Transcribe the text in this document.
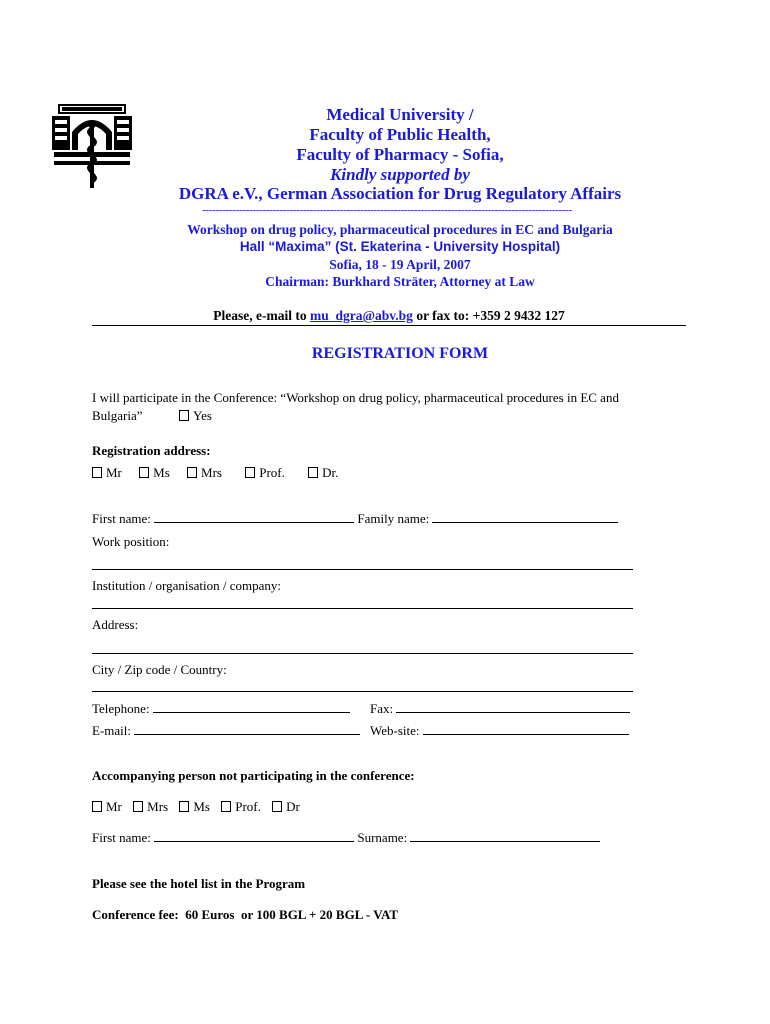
Medical University /
Faculty of Public Health,
Faculty of Pharmacy - Sofia,
Kindly supported by
DGRA e.V., German Association for Drug Regulatory Affairs
--------------------------------------------------------------------------------------------------------------
Workshop on drug policy, pharmaceutical procedures in EC and Bulgaria
Hall “Maxima” (St. Ekaterina - University Hospital)
Sofia, 18 - 19 April, 2007
Chairman: Burkhard Sträter, Attorney at Law
Please, e-mail to mu_dgra@abv.bg or fax to: +359 2 9432 127
REGISTRATION FORM
I will participate in the Conference: “Workshop on drug policy, pharmaceutical procedures in EC and
Bulgaria”	Yes
Registration address:
Mr Ms Mrs	Prof.	Dr.
First name:	Family name:
Work position:
Institution / organisation / company:
Address:
City / Zip code / Country:
Telephone:	Fax:
E-mail:	Web-site:
Accompanying person not participating in the conference:
Mr Mrs Ms Prof. Dr
First name:	Surname:
Please see the hotel list in the Program
Conference fee:  60 Euros  or 100 BGL + 20 BGL - VAT
